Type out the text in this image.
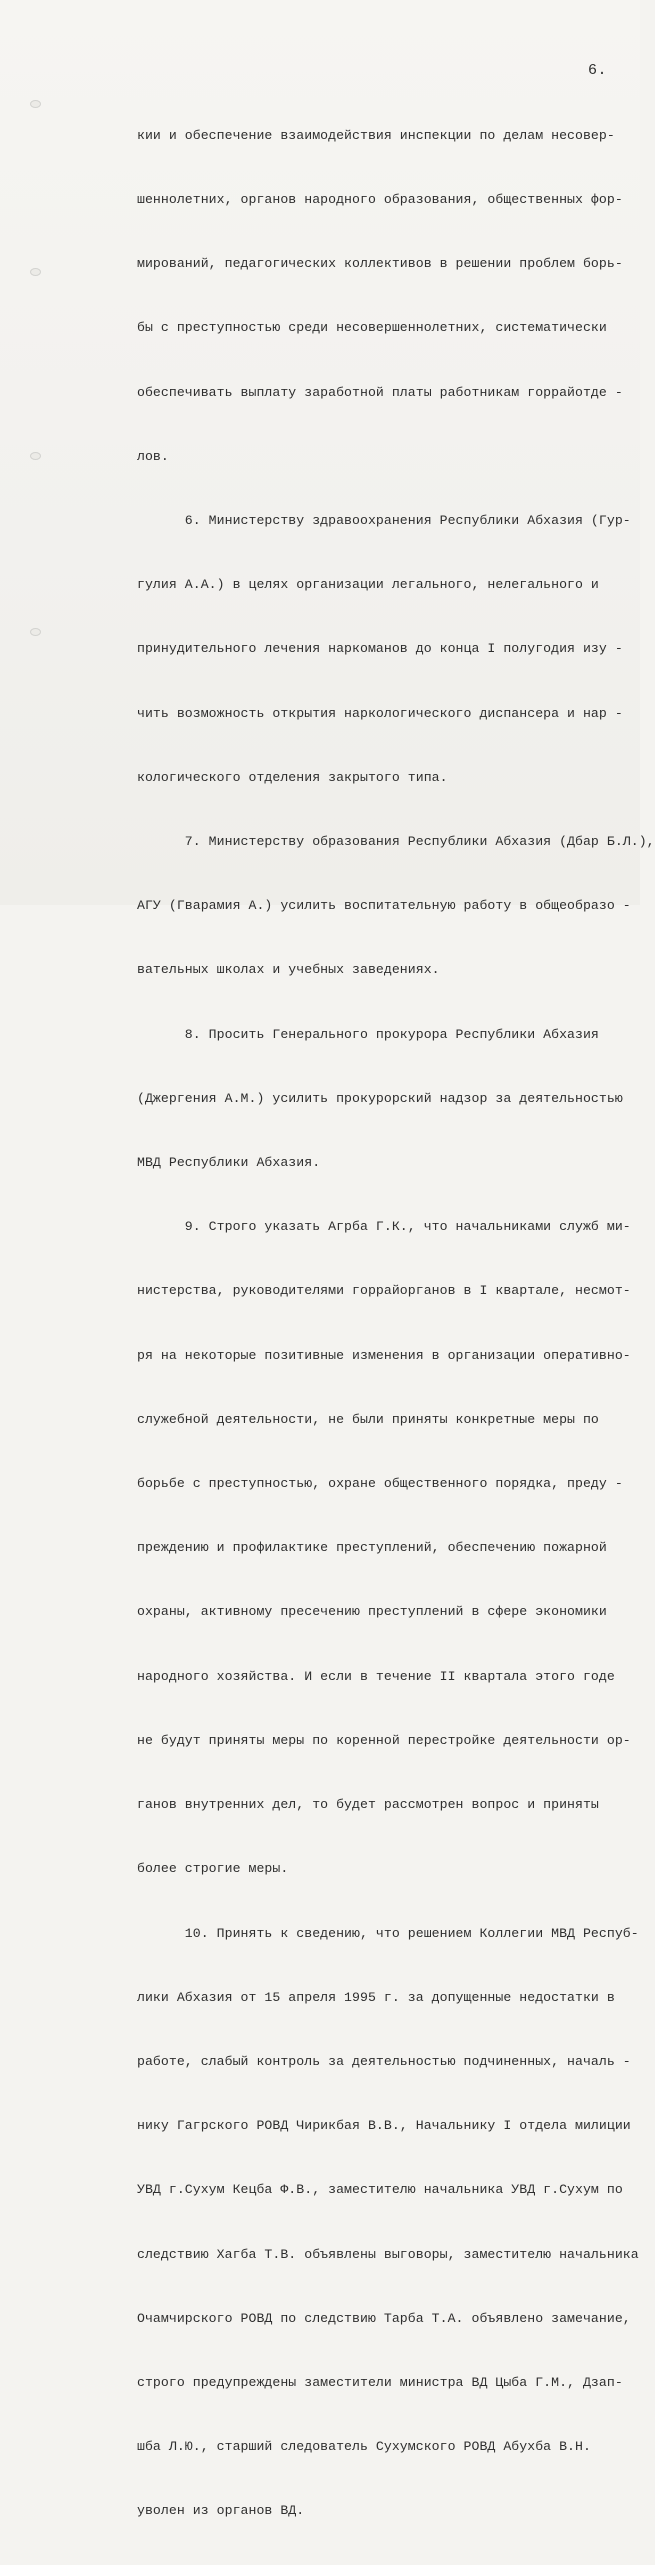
6.

кии и обеспечение взаимодействия инспекции по делам несовер-

шеннолетних, органов народного образования, общественных фор-

мирований, педагогических коллективов в решении проблем борь-

бы с преступностью среди несовершеннолетних, систематически

обеспечивать выплату заработной платы работникам горрайотде -

лов.

6. Министерству здравоохранения Республики Абхазия (Гур-

гулия А.А.) в целях организации легального, нелегального и

принудительного лечения наркоманов до конца I полугодия изу -

чить возможность открытия наркологического диспансера и нар -

кологического отделения закрытого типа.

7. Министерству образования Республики Абхазия (Дбар Б.Л.),

АГУ (Гварамия А.) усилить воспитательную работу в общеобразо -

вательных школах и учебных заведениях.

8. Просить Генерального прокурора Республики Абхазия

(Джергения А.М.) усилить прокурорский надзор за деятельностью

МВД Республики Абхазия.

9. Строго указать Агрба Г.К., что начальниками служб ми-

нистерства, руководителями горрайорганов в I квартале, несмот-

ря на некоторые позитивные изменения в организации оперативно-

служебной деятельности, не были приняты конкретные меры по

борьбе с преступностью, охране общественного порядка, преду -

преждению и профилактике преступлений, обеспечению пожарной

охраны, активному пресечению преступлений в сфере экономики

народного хозяйства. И если в течение II квартала этого годе

не будут приняты меры по коренной перестройке деятельности ор-

ганов внутренних дел, то будет рассмотрен вопрос и приняты

более строгие меры.

10. Принять к сведению, что решением Коллегии МВД Респуб-

лики Абхазия от 15 апреля 1995 г. за допущенные недостатки в

работе, слабый контроль за деятельностью подчиненных, началь -

нику Гагрского РОВД Чирикбая В.В., Начальнику I отдела милиции

УВД г.Сухум Кецба Ф.В., заместителю начальника УВД г.Сухум по

следствию Хагба Т.В. объявлены выговоры, заместителю начальника

Очамчирского РОВД по следствию Тарба Т.А. объявлено замечание,

строго предупреждены заместители министра ВД Цыба Г.М., Дзап-

шба Л.Ю., старший следователь Сухумского РОВД Абухба В.Н.

уволен из органов ВД.
